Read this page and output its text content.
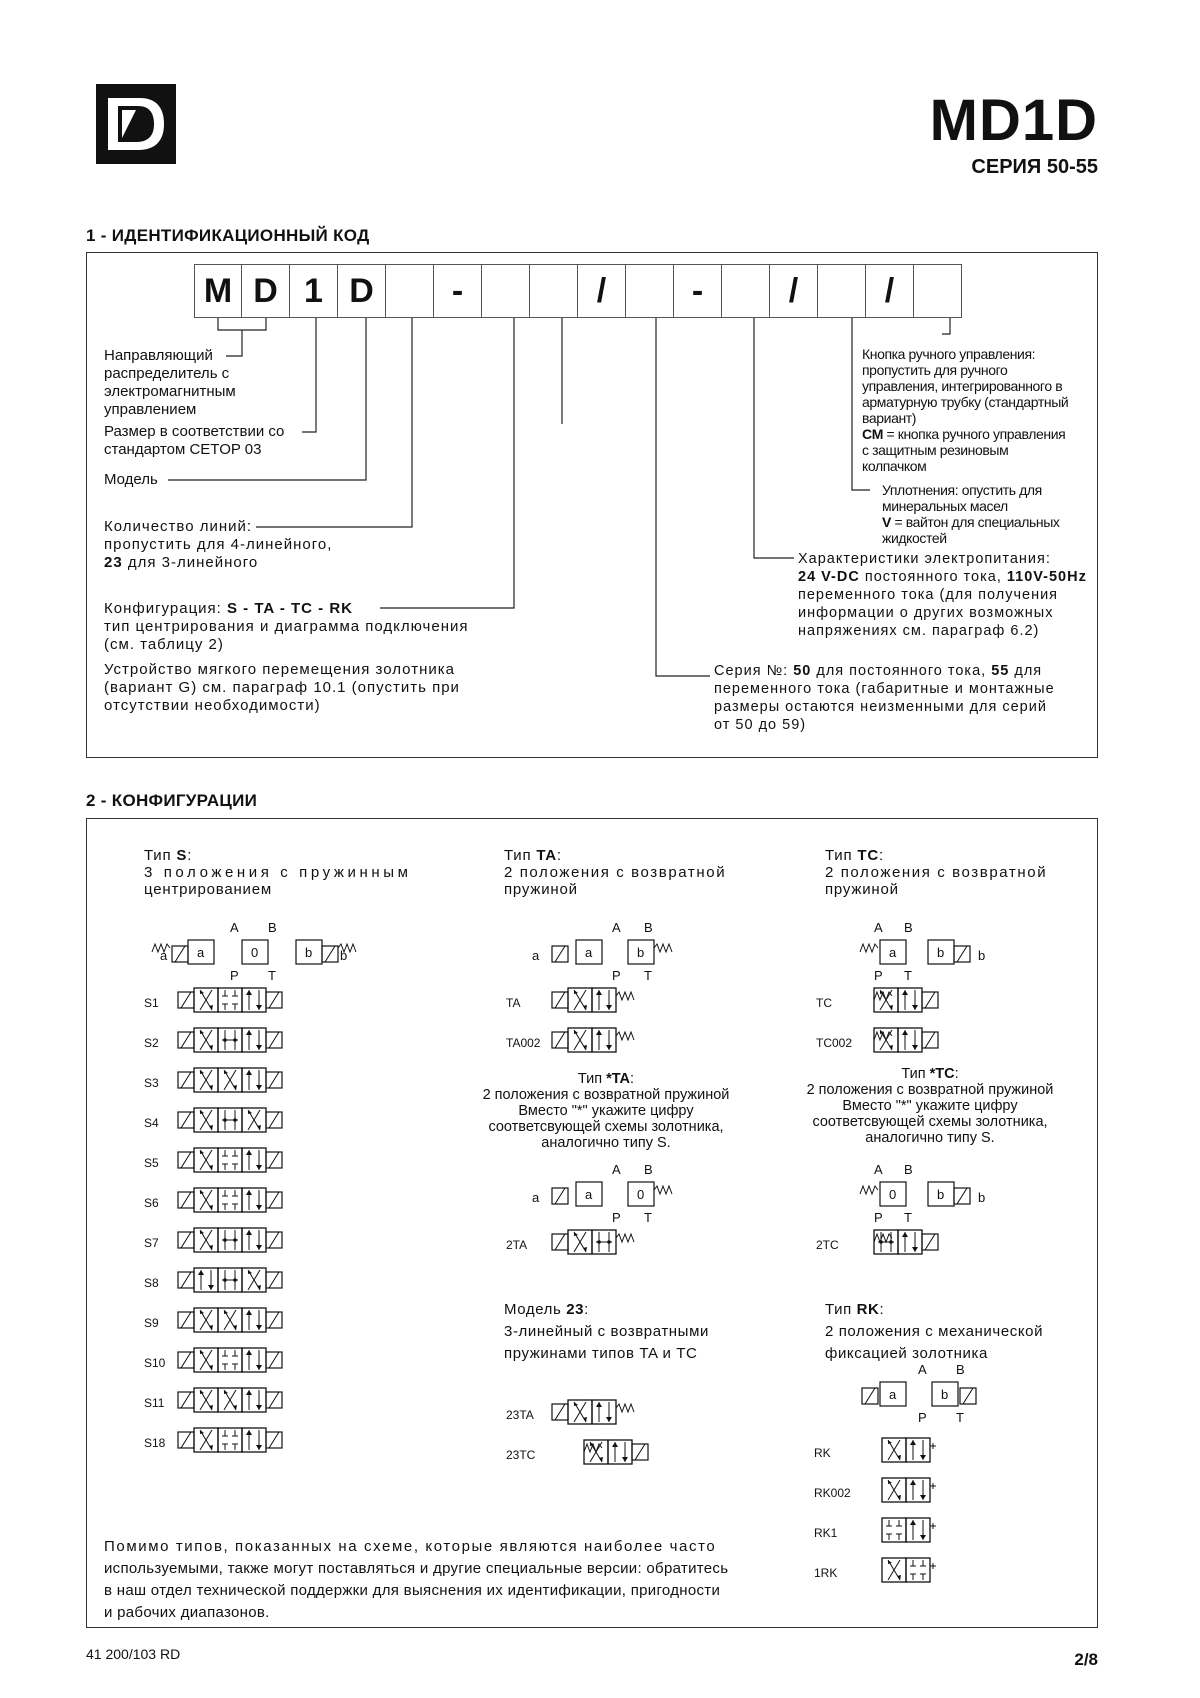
MD1D
СЕРИЯ 50-55
1 - ИДЕНТИФИКАЦИОННЫЙ КОД
M D 1 D	-	/	-	/	/
Направляющий
распределитель с
электромагнитным
управлением
Размер в соответствии со
стандартом CETOP 03
Модель
Количество линий:
пропустить для 4-линейного,
23 для 3-линейного
Конфигурация: S - TA - TC - RK
тип центрирования и диаграмма подключения
(см. таблицу 2)
Устройство мягкого перемещения золотника
(вариант G) см. параграф 10.1 (опустить при
отсутствии необходимости)
Кнопка ручного управления:
пропустить для ручного
управления, интегрированного в
арматурную трубку (стандартный
вариант)
CM = кнопка ручного управления
с защитным резиновым
колпачком
Уплотнения: опустить для
минеральных масел
V = вайтон для специальных
жидкостей
Характеристики электропитания:
24 V-DC постоянного тока, 110V-50Hz
переменного тока (для получения
информации о других возможных
напряжениях см. параграф 6.2)
Серия №: 50 для постоянного тока, 55 для
переменного тока (габаритные и монтажные
размеры остаются неизменными для серий
от 50 до 59)
2 - КОНФИГУРАЦИИ
Тип S:
3 положения с пружинным
центрированием
Тип TA:
2 положения с возвратной
пружиной
Тип TC:
2 положения с возвратной
пружиной
Тип *TA:
2 положения с возвратной пружиной
Вместо "*" укажите цифру
соответсвующей схемы золотника,
аналогично типу S.
Тип *TC:
2 положения с возвратной пружиной
Вместо "*" укажите цифру
соответсвующей схемы золотника,
аналогично типу S.
Модель 23:
3-линейный с возвратными
пружинами типов TA и TC
Тип RK:
2 положения с механической
фиксацией золотника
A B
a	0	b
a	b
P T
S1
S2
S3
S4
S5
S6
S7
S8
S9
S10
S11
S18
A B
a	b
a
P T
TA
TA002
A B
a	b	b
P T
TC
TC002
A B
a	0
a
P T
2TA
A B
0	b	b
P T
2TC
23TA
23TC
A B
a	b
P T
RK
RK002
RK1
1RK
Помимо типов, показанных на схеме, которые являются наиболее часто
используемыми, также могут поставляться и другие специальные версии: обратитесь
в наш отдел технической поддержки для выяснения их идентификации, пригодности
и рабочих диапазонов.
41 200/103 RD	2/8
